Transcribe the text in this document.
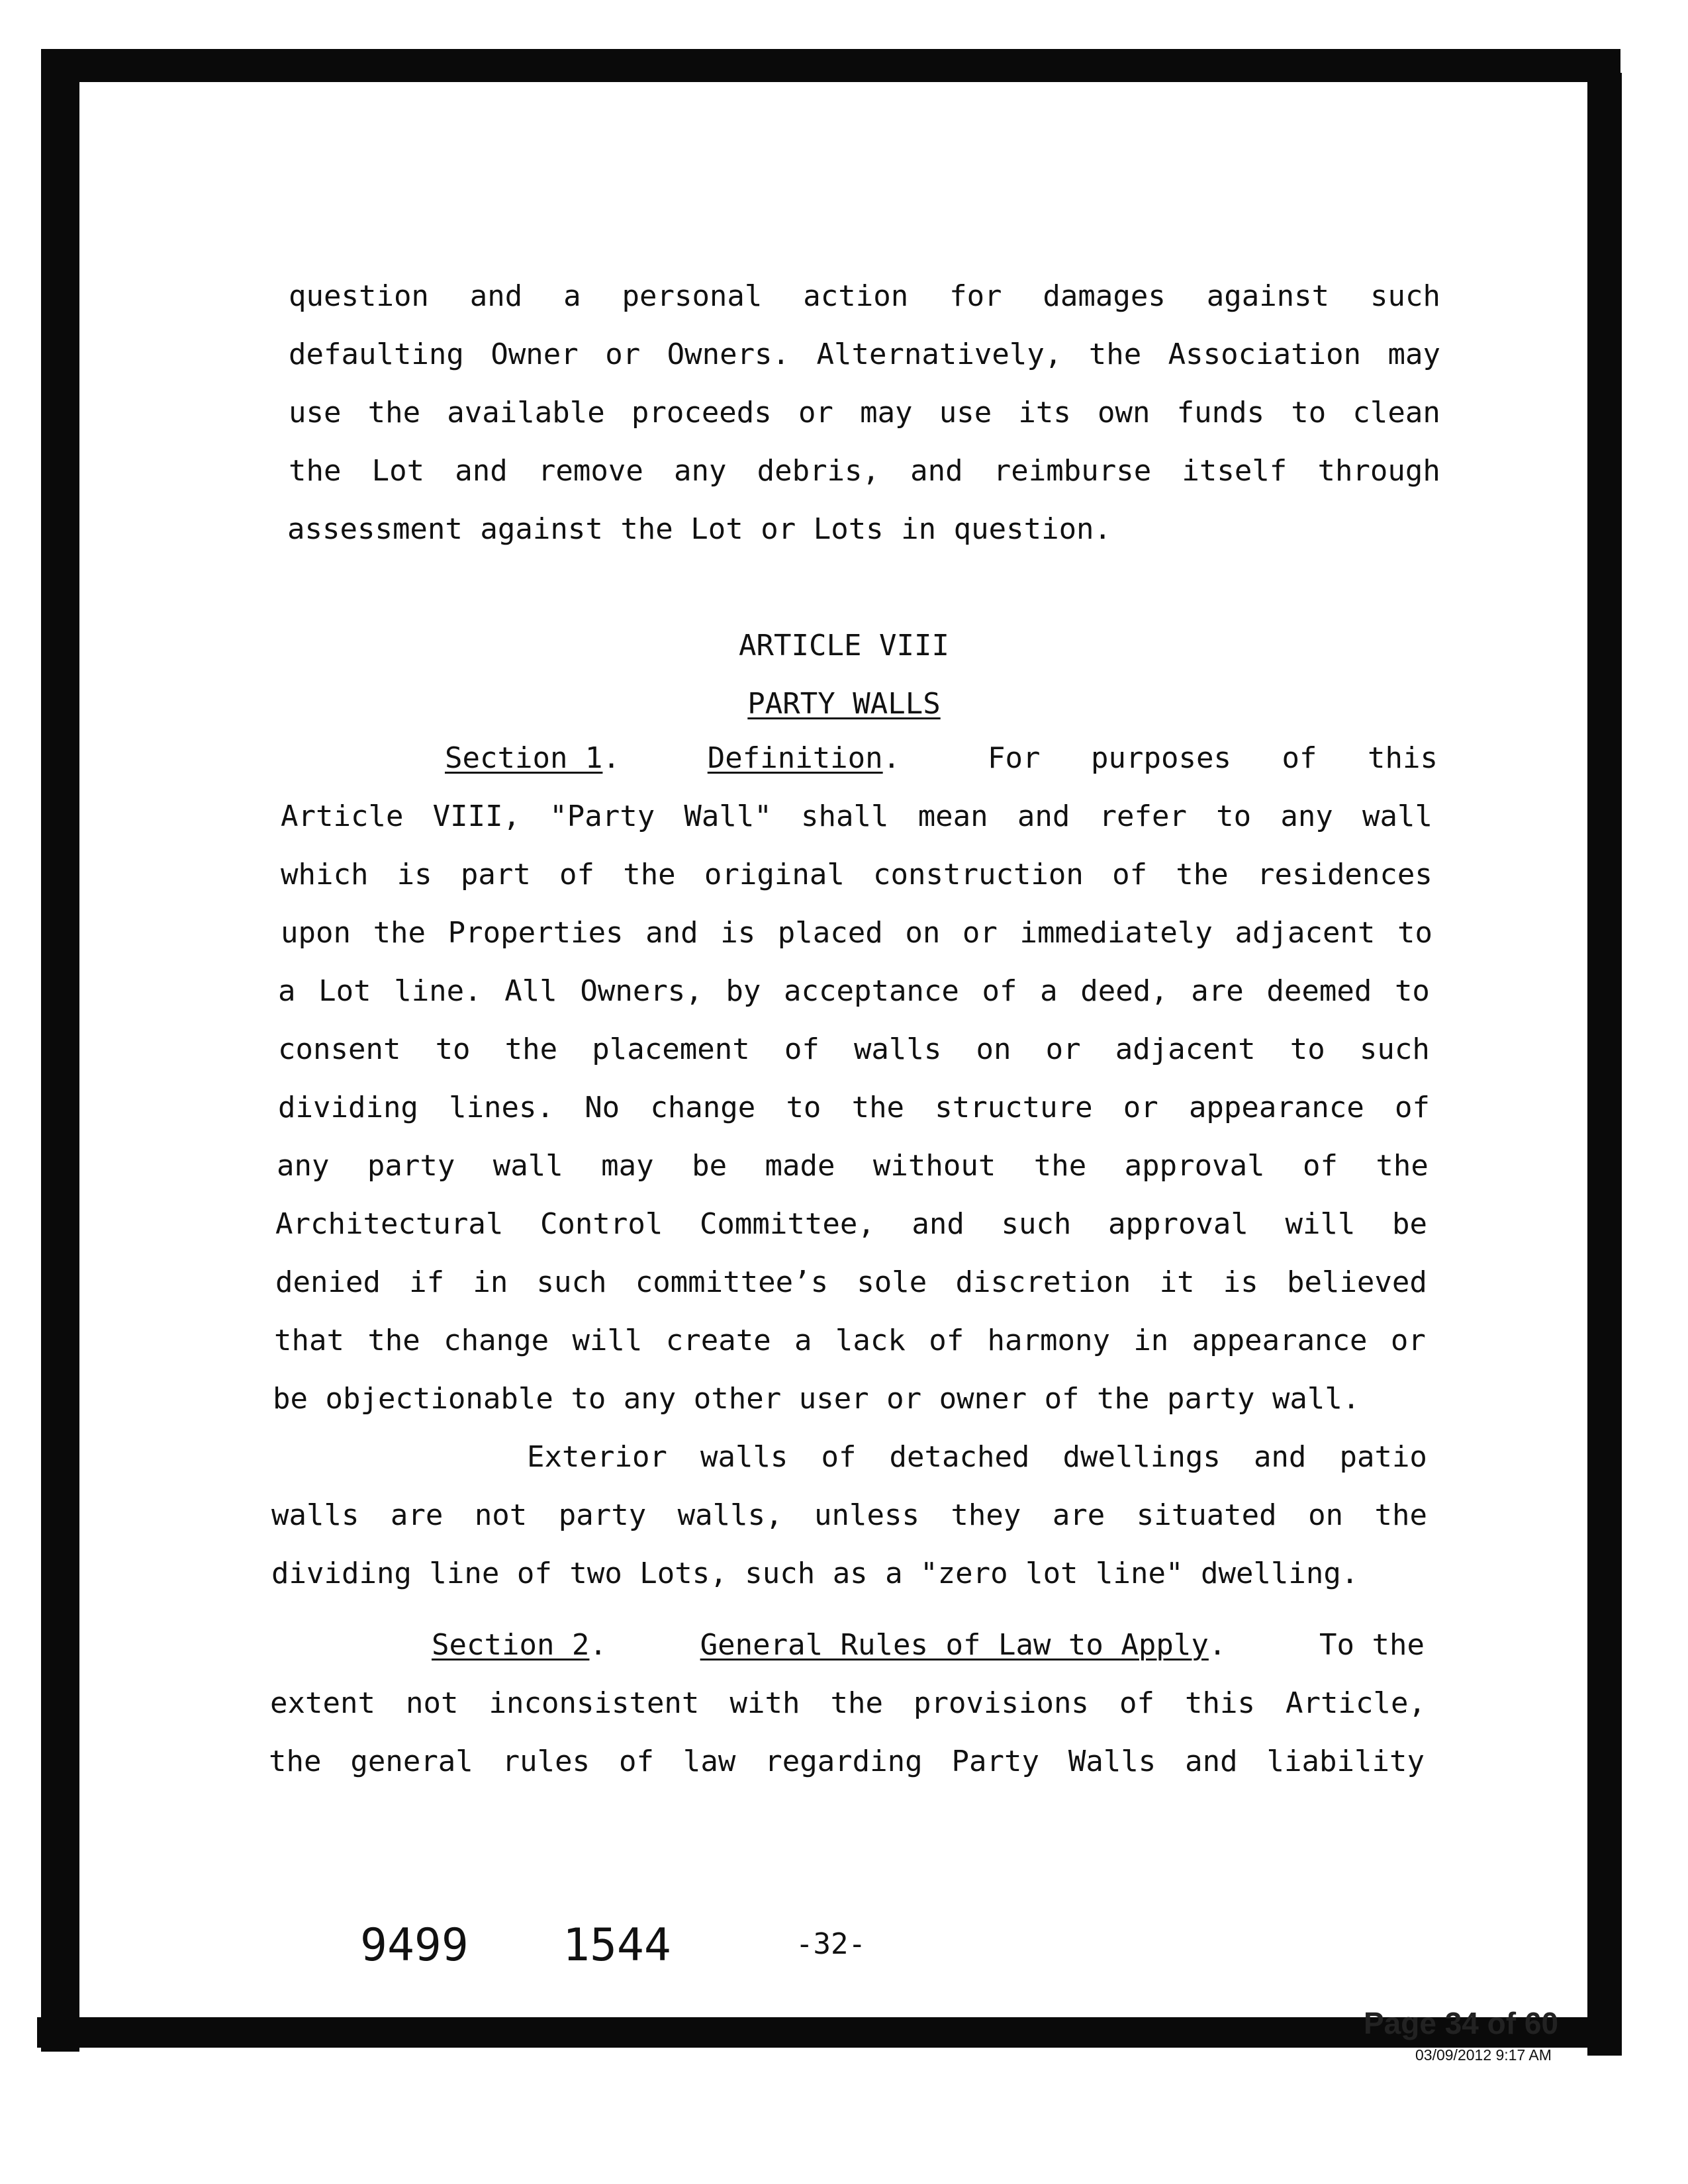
question and a personal action for damages against such
defaulting Owner or Owners. Alternatively, the Association may
use the available proceeds or may use its own funds to clean
the Lot and remove any debris, and reimburse itself through
assessment against the Lot or Lots in question.
ARTICLE VIII
PARTY WALLS
Section 1.	Definition.	For purposes of this
Article VIII, "Party Wall" shall mean and refer to any wall
which is part of the original construction of the residences
upon the Properties and is placed on or immediately adjacent to
a Lot line. All Owners, by acceptance of a deed, are deemed to
consent to the placement of walls on or adjacent to such
dividing lines. No change to the structure or appearance of
any party wall may be made without the approval of the
Architectural Control Committee, and such approval will be
denied if in such committee’s sole discretion it is believed
that the change will create a lack of harmony in appearance or
be objectionable to any other user or owner of the party wall.
Exterior walls of detached dwellings and patio
walls are not party walls, unless they are situated on the
dividing line of two Lots, such as a "zero lot line" dwelling.
Section 2.	General Rules of Law to Apply.	To the
extent not inconsistent with the provisions of this Article,
the general rules of law regarding Party Walls and liability
9499 1544	-32-
Page 34 of 60
03/09/2012 9:17 AM
